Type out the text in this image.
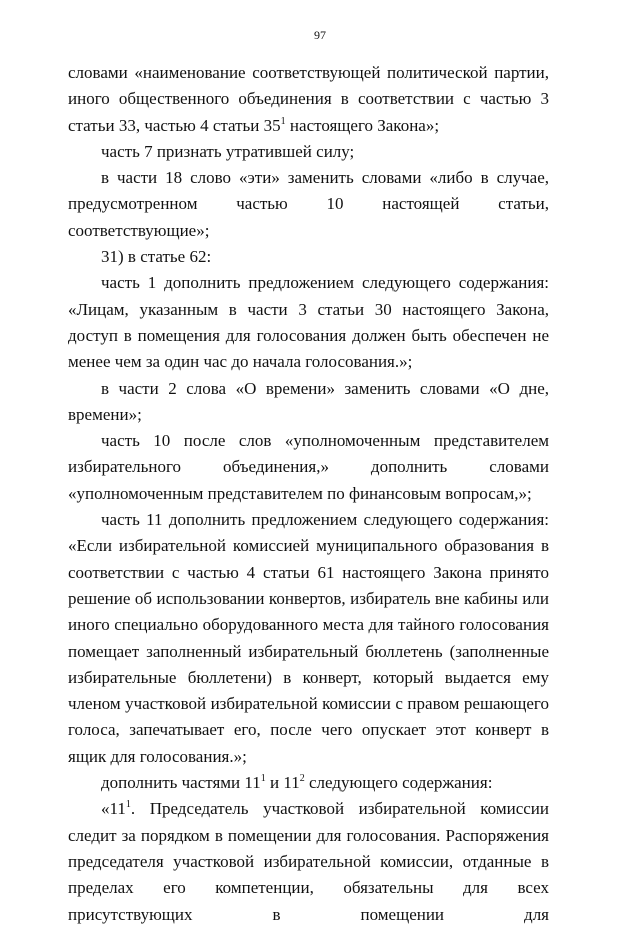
97

словами «наименование соответствующей политической партии, иного общественного объединения в соответствии с частью 3 статьи 33, частью 4 статьи $35^1$ настоящего Закона»;

часть 7 признать утратившей силу;

в части 18 слово «эти» заменить словами «либо в случае, предусмотренном частью 10 настоящей статьи, соответствующие»;

31) в статье 62:

часть 1 дополнить предложением следующего содержания: «Лицам, указанным в части 3 статьи 30 настоящего Закона, доступ в помещения для голосования должен быть обеспечен не менее чем за один час до начала голосования.»;

в части 2 слова «О времени» заменить словами «О дне, времени»;

часть 10 после слов «уполномоченным представителем избирательного объединения,» дополнить словами «уполномоченным представителем по финансовым вопросам,»;

часть 11 дополнить предложением следующего содержания: «Если избирательной комиссией муниципального образования в соответствии с частью 4 статьи 61 настоящего Закона принято решение об использовании конвертов, избиратель вне кабины или иного специально оборудованного места для тайного голосования помещает заполненный избирательный бюллетень (заполненные избирательные бюллетени) в конверт, который выдается ему членом участковой избирательной комиссии с правом решающего голоса, запечатывает его, после чего опускает этот конверт в ящик для голосования.»;

дополнить частями $11^1$ и $11^2$ следующего содержания:

«$11^1$. Председатель участковой избирательной комиссии следит за порядком в помещении для голосования. Распоряжения председателя участковой избирательной комиссии, отданные в пределах его компетенции, обязательны для всех присутствующих в помещении для
